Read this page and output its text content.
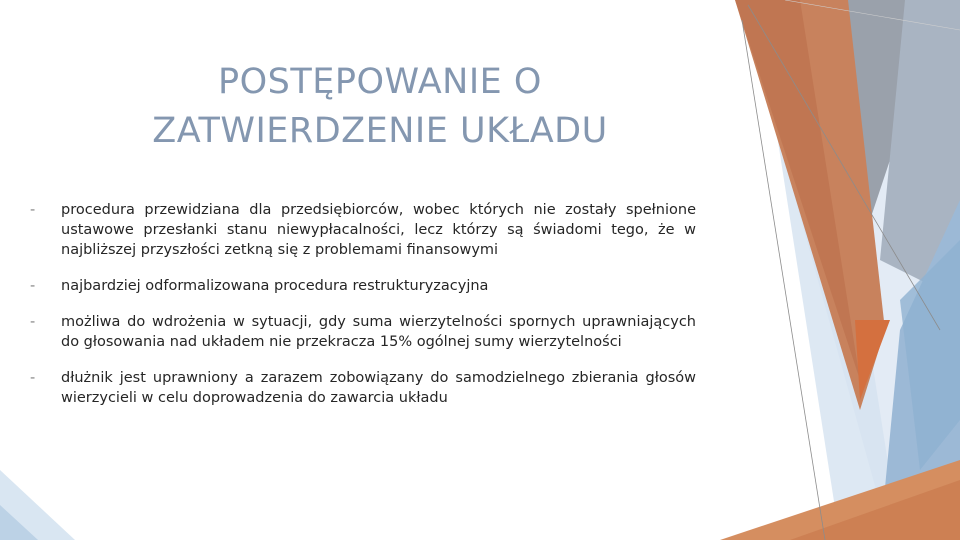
POSTĘPOWANIE O
ZATWIERDZENIE UKŁADU
- procedura przewidziana dla przedsiębiorców, wobec których nie zostały spełnione ustawowe przesłanki stanu niewypłacalności, lecz którzy są świadomi tego, że w najbliższej przyszłości zetkną się z problemami finansowymi
- najbardziej odformalizowana procedura restrukturyzacyjna
- możliwa do wdrożenia w sytuacji, gdy suma wierzytelności spornych uprawniających do głosowania nad układem nie przekracza 15% ogólnej sumy wierzytelności
- dłużnik jest uprawniony a zarazem zobowiązany do samodzielnego zbierania głosów wierzycieli w celu doprowadzenia do zawarcia układu
